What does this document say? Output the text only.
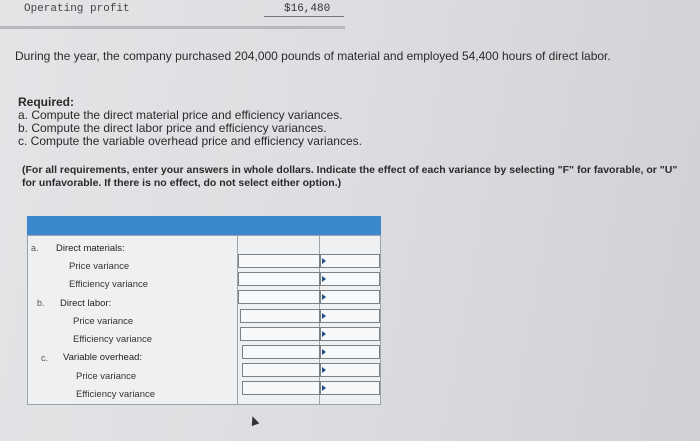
Operating profit	$16,480
During the year, the company purchased 204,000 pounds of material and employed 54,400 hours of direct labor.
Required:
a. Compute the direct material price and efficiency variances.
b. Compute the direct labor price and efficiency variances.
c. Compute the variable overhead price and efficiency variances.
(For all requirements, enter your answers in whole dollars. Indicate the effect of each variance by selecting "F" for favorable, or "U" for unfavorable. If there is no effect, do not select either option.)
a. Direct materials:
Price variance
Efficiency variance
b. Direct labor:
Price variance
Efficiency variance
c. Variable overhead:
Price variance
Efficiency variance
